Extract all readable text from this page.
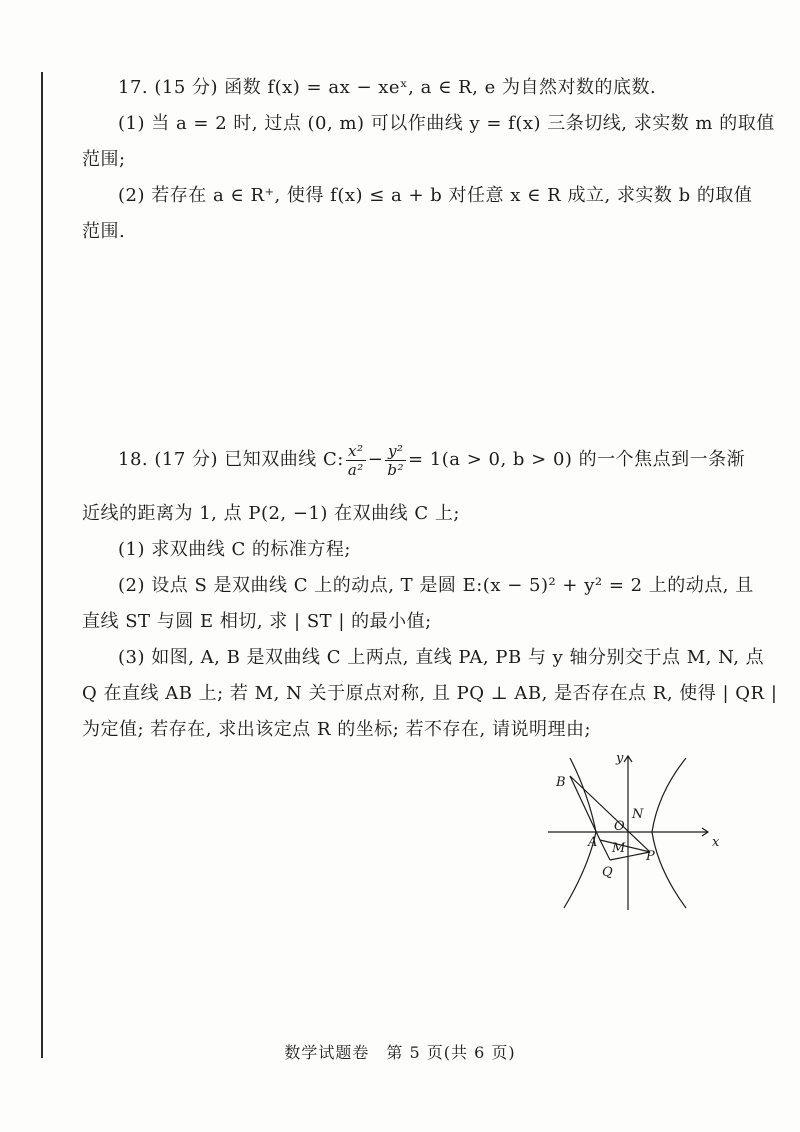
17. (15 分) 函数 f(x) = ax − xeˣ, a ∈ R, e 为自然对数的底数.
(1) 当 a = 2 时, 过点 (0, m) 可以作曲线 y = f(x) 三条切线, 求实数 m 的取值
范围;
(2) 若存在 a ∈ R⁺, 使得 f(x) ≤ a + b 对任意 x ∈ R 成立, 求实数 b 的取值
范围.
18. (17 分) 已知双曲线 C: $\frac{\text{x²}}{\text{a²}} - \frac{\text{y²}}{\text{b²}} = 1(a > 0$, b > 0) 的一个焦点到一条渐
近线的距离为 1, 点 P(2, −1) 在双曲线 C 上;
(1) 求双曲线 C 的标准方程;
(2) 设点 S 是双曲线 C 上的动点, T 是圆 E:(x − 5)² + y² = 2 上的动点, 且
直线 ST 与圆 E 相切, 求 | ST | 的最小值;
(3) 如图, A, B 是双曲线 C 上两点, 直线 PA, PB 与 y 轴分别交于点 M, N, 点
Q 在直线 AB 上; 若 M, N 关于原点对称, 且 PQ ⊥ AB, 是否存在点 R, 使得 | QR |
为定值; 若存在, 求出该定点 R 的坐标; 若不存在, 请说明理由;
B
y
x
N
O
A M
P
Q
数学试题卷　第 5 页(共 6 页)
